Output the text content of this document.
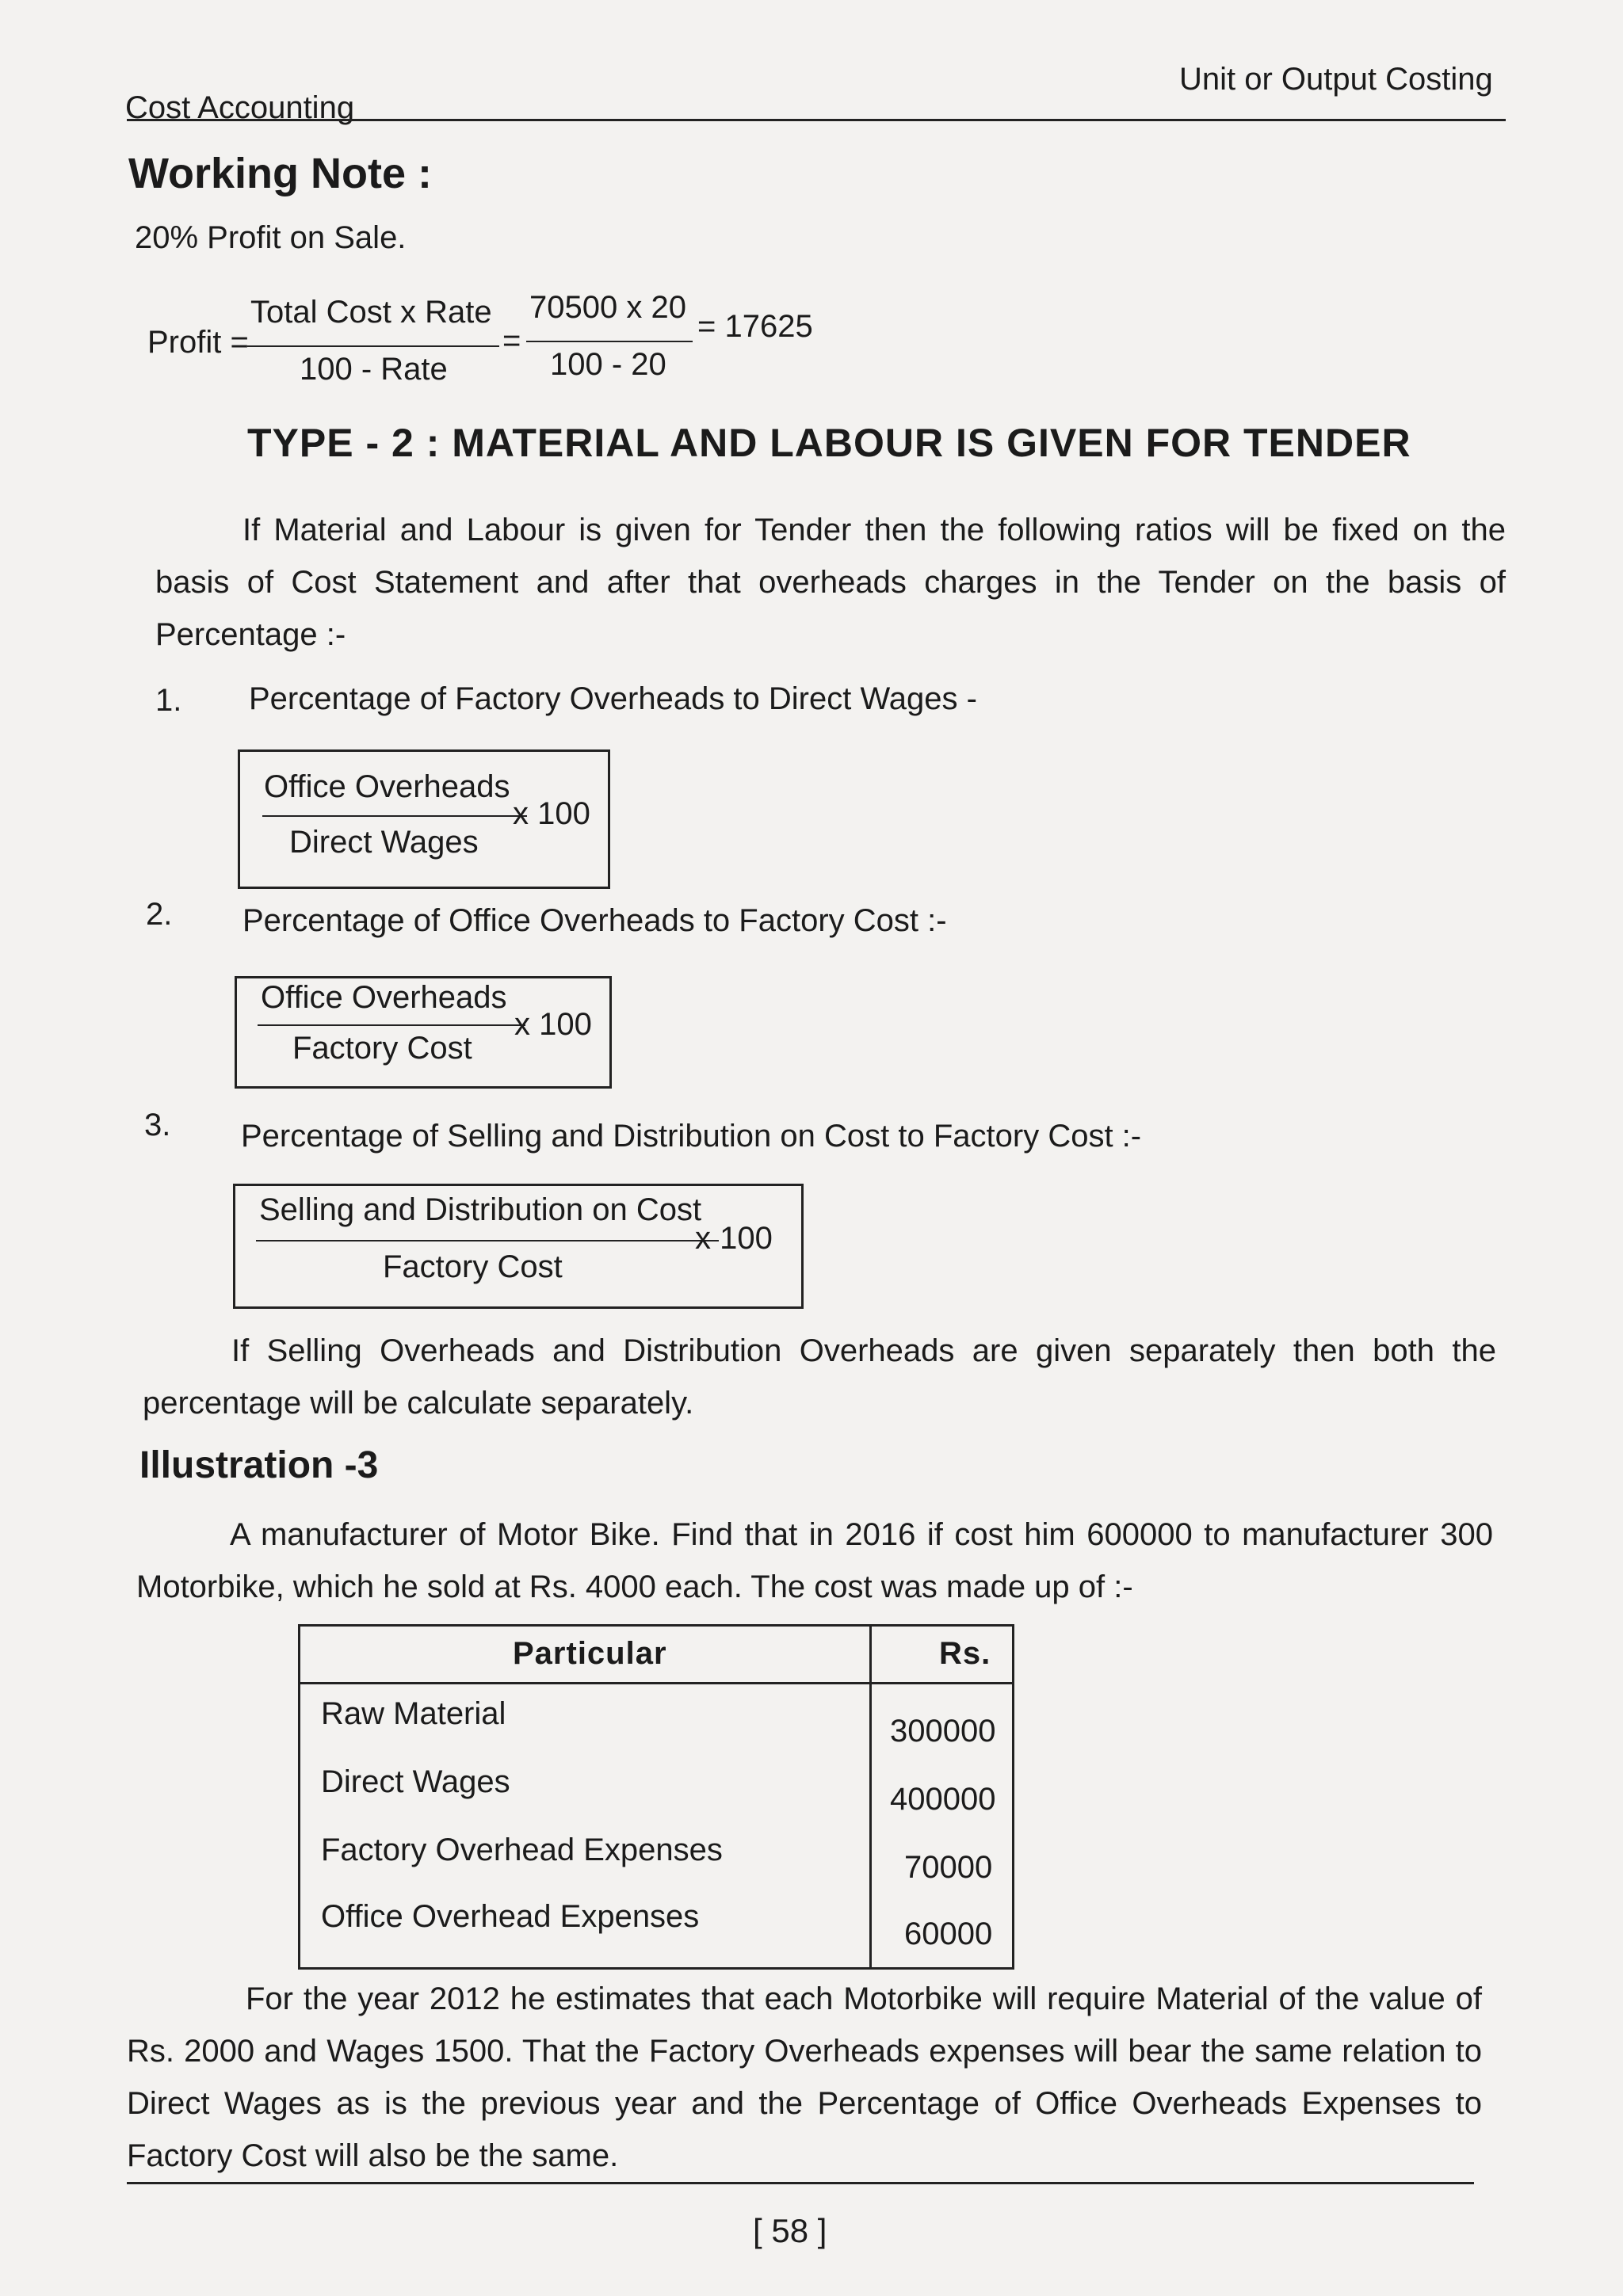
Cost Accounting
Unit or Output Costing
Working Note :
20% Profit on Sale.
Profit =
Total Cost x Rate
100 - Rate
=
70500 x 20
100 - 20
= 17625
TYPE - 2 : MATERIAL AND LABOUR IS GIVEN FOR TENDER
If Material and Labour is given for Tender then the following ratios will be fixed on the basis of Cost Statement and after that overheads charges in the Tender on the basis of Percentage :-
1. Percentage of Factory Overheads to Direct Wages -
Office Overheads
Direct Wages
x 100
2. Percentage of Office Overheads to Factory Cost :-
Office Overheads
Factory Cost
x 100
3. Percentage of Selling and Distribution on Cost to Factory Cost :-
Selling and Distribution on Cost
Factory Cost
x 100
If Selling Overheads and Distribution Overheads are given separately then both the percentage will be calculate separately.
Illustration -3
A manufacturer of Motor Bike. Find that in 2016 if cost him 600000 to manufacturer 300 Motorbike, which he sold at Rs. 4000 each. The cost was made up of :-
Particular	Rs.
Raw Material	300000
Direct Wages	400000
Factory Overhead Expenses	70000
Office Overhead Expenses	60000
For the year 2012 he estimates that each Motorbike will require Material of the value of Rs. 2000 and Wages 1500. That the Factory Overheads expenses will bear the same relation to Direct Wages as is the previous year and the Percentage of Office Overheads Expenses to Factory Cost will also be the same.
[ 58 ]
